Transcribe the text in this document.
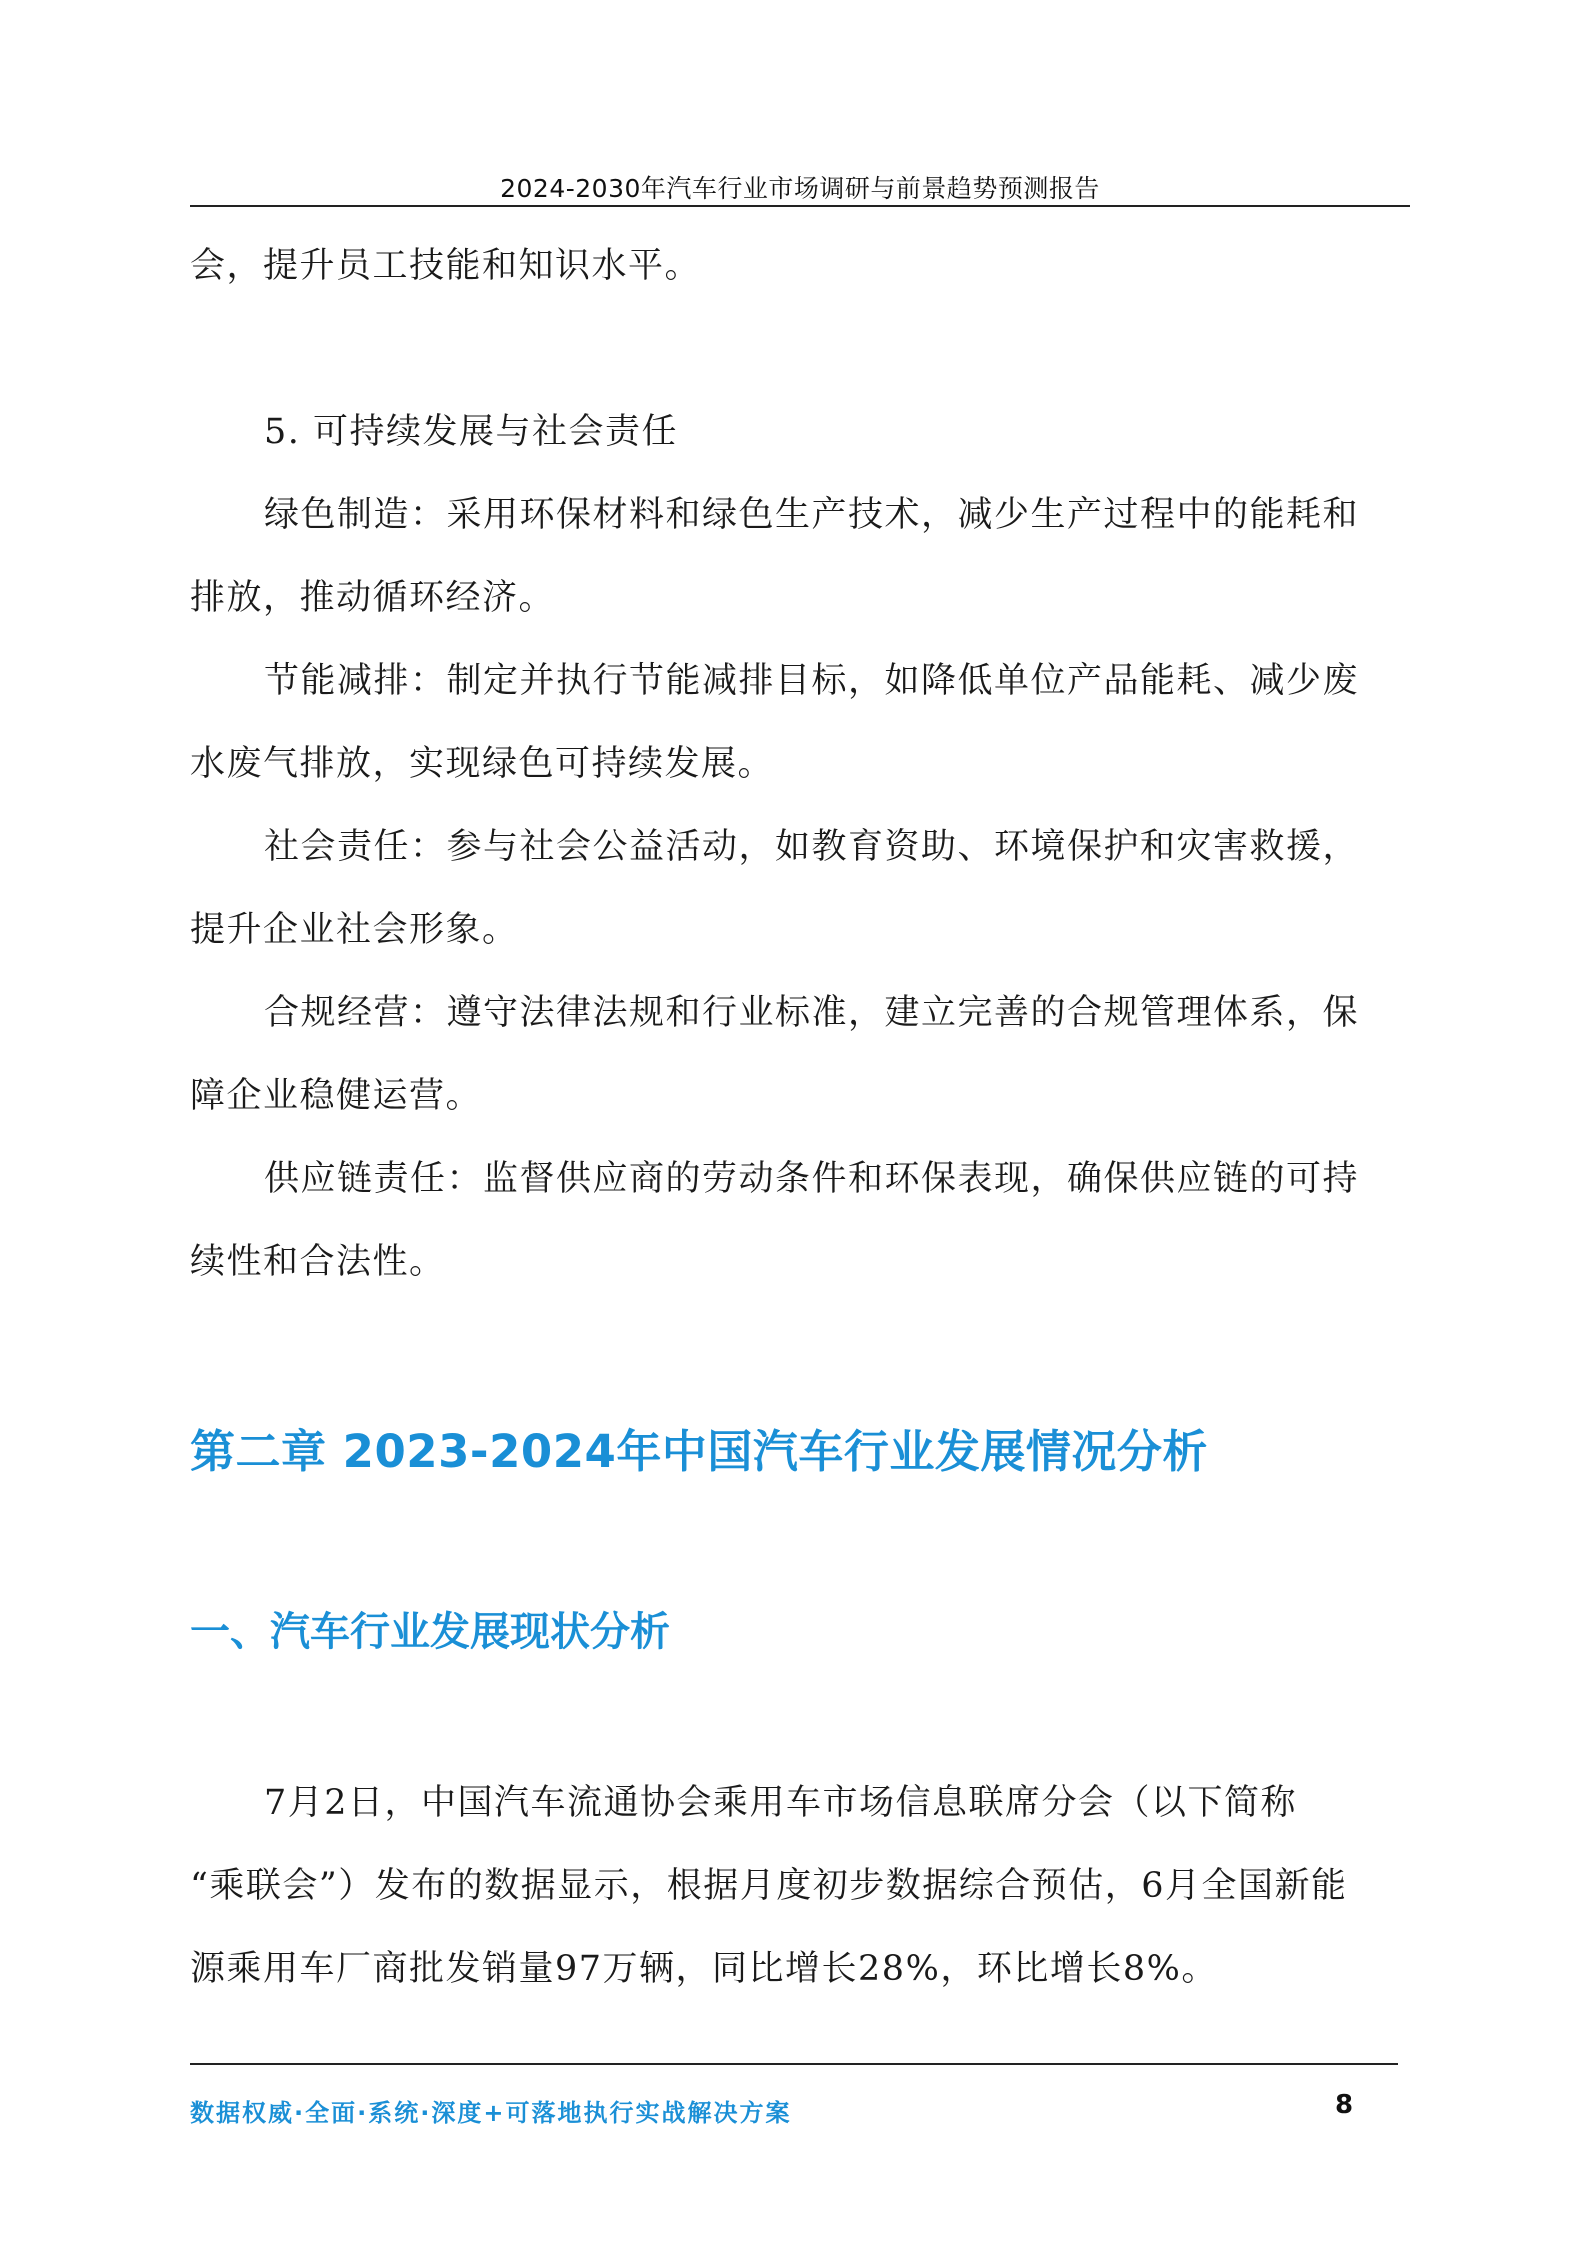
2024-2030年汽车行业市场调研与前景趋势预测报告

会，提升员工技能和知识水平。

5. 可持续发展与社会责任

绿色制造：采用环保材料和绿色生产技术，减少生产过程中的能耗和

排放，推动循环经济。

节能减排：制定并执行节能减排目标，如降低单位产品能耗、减少废

水废气排放，实现绿色可持续发展。

社会责任：参与社会公益活动，如教育资助、环境保护和灾害救援，

提升企业社会形象。

合规经营：遵守法律法规和行业标准，建立完善的合规管理体系，保

障企业稳健运营。

供应链责任：监督供应商的劳动条件和环保表现，确保供应链的可持

续性和合法性。

第二章 2023-2024年中国汽车行业发展情况分析
一、汽车行业发展现状分析

7月2日，中国汽车流通协会乘用车市场信息联席分会（以下简称

“乘联会”）发布的数据显示，根据月度初步数据综合预估，6月全国新能

源乘用车厂商批发销量97万辆，同比增长28%，环比增长8%。

数据权威·全面·系统·深度+可落地执行实战解决方案	8
